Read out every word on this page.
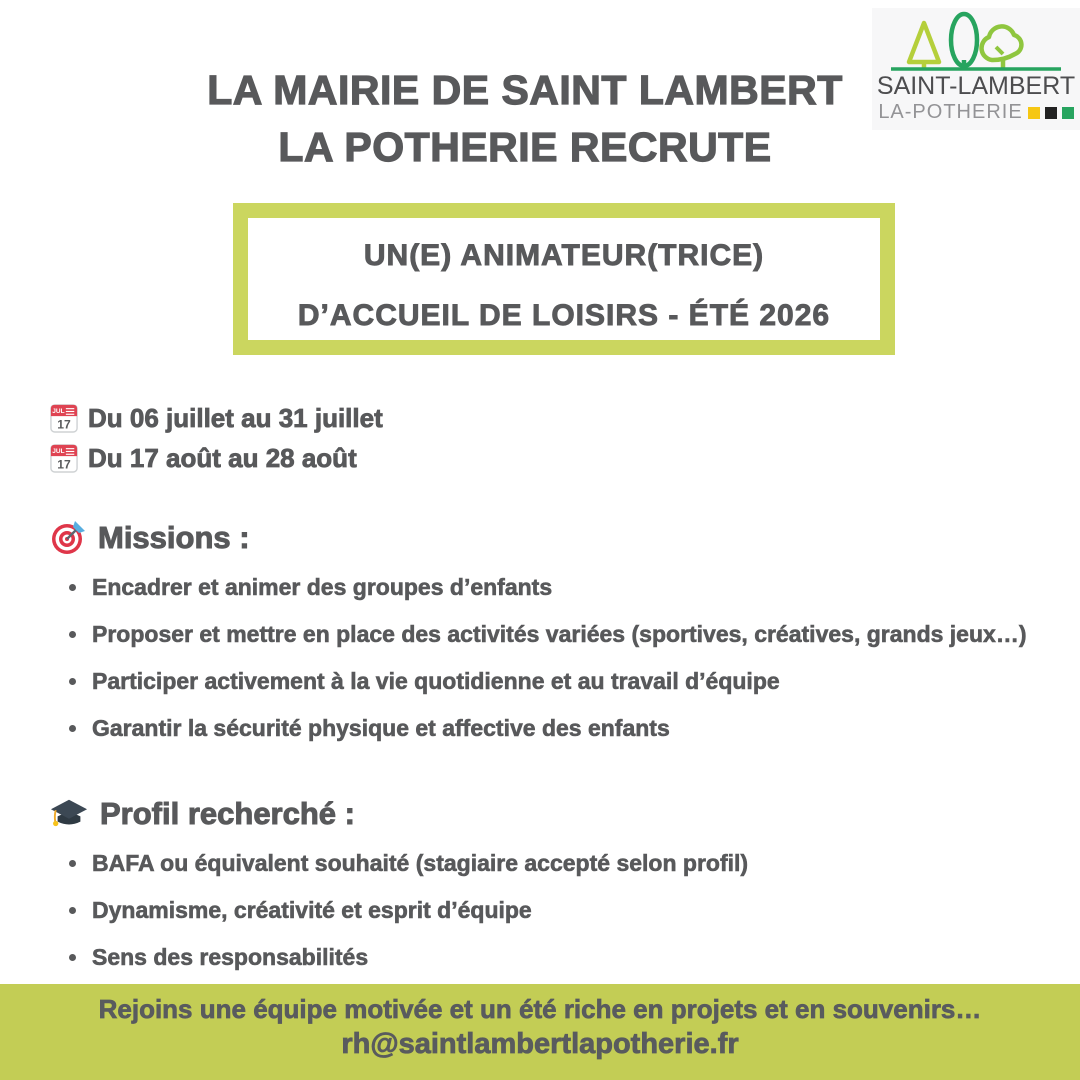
LA MAIRIE DE SAINT LAMBERT
LA POTHERIE RECRUTE
SAINT-LAMBERT
LA-POTHERIE
UN(E) ANIMATEUR(TRICE)
D’ACCUEIL DE LOISIRS - ÉTÉ 2026
JUL
17 Du 06 juillet au 31 juillet
JUL
17 Du 17 août au 28 août
Missions :
Encadrer et animer des groupes d’enfants
Proposer et mettre en place des activités variées (sportives, créatives, grands jeux…)
Participer activement à la vie quotidienne et au travail d’équipe
Garantir la sécurité physique et affective des enfants
Profil recherché :
BAFA ou équivalent souhaité (stagiaire accepté selon profil)
Dynamisme, créativité et esprit d’équipe
Sens des responsabilités
Rejoins une équipe motivée et un été riche en projets et en souvenirs…
rh@saintlambertlapotherie.fr
